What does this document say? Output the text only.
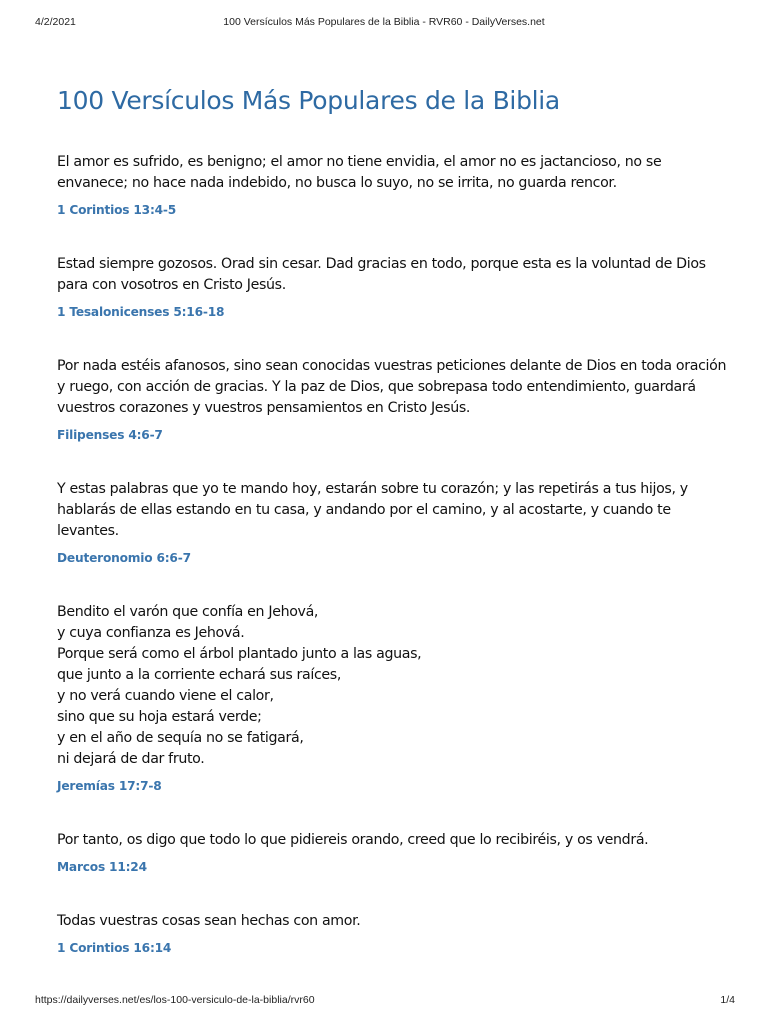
4/2/2021	100 Versículos Más Populares de la Biblia - RVR60 - DailyVerses.net
100 Versículos Más Populares de la Biblia

El amor es sufrido, es benigno; el amor no tiene envidia, el amor no es jactancioso, no se envanece; no hace nada indebido, no busca lo suyo, no se irrita, no guarda rencor.

1 Corintios 13:4-5

Estad siempre gozosos. Orad sin cesar. Dad gracias en todo, porque esta es la voluntad de Dios para con vosotros en Cristo Jesús.

1 Tesalonicenses 5:16-18

Por nada estéis afanosos, sino sean conocidas vuestras peticiones delante de Dios en toda oración y ruego, con acción de gracias. Y la paz de Dios, que sobrepasa todo entendimiento, guardará vuestros corazones y vuestros pensamientos en Cristo Jesús.

Filipenses 4:6-7

Y estas palabras que yo te mando hoy, estarán sobre tu corazón; y las repetirás a tus hijos, y hablarás de ellas estando en tu casa, y andando por el camino, y al acostarte, y cuando te levantes.

Deuteronomio 6:6-7

Bendito el varón que confía en Jehová,
y cuya confianza es Jehová.
Porque será como el árbol plantado junto a las aguas,
que junto a la corriente echará sus raíces,
y no verá cuando viene el calor,
sino que su hoja estará verde;
y en el año de sequía no se fatigará,
ni dejará de dar fruto.

Jeremías 17:7-8

Por tanto, os digo que todo lo que pidiereis orando, creed que lo recibiréis, y os vendrá.

Marcos 11:24

Todas vuestras cosas sean hechas con amor.

1 Corintios 16:14
https://dailyverses.net/es/los-100-versiculo-de-la-biblia/rvr60	1/4
